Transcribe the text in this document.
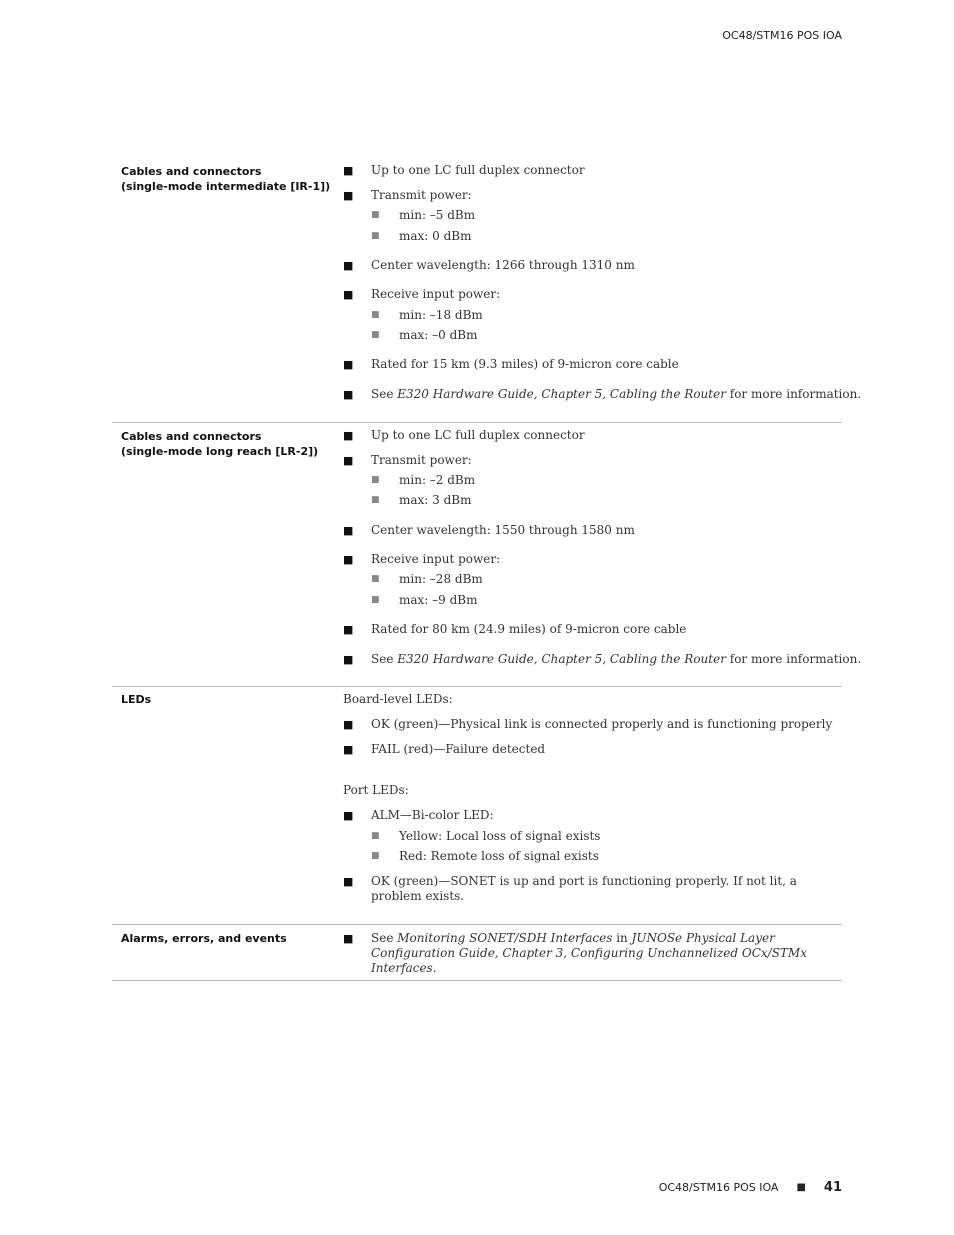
OC48/STM16 POS IOA
Cables and connectors
(single-mode intermediate [IR-1])
■
Up to one LC full duplex connector
■
Transmit power:
■
min: –5 dBm
■
max: 0 dBm
■
Center wavelength: 1266 through 1310 nm
■
Receive input power:
■
min: –18 dBm
■
max: –0 dBm
■
Rated for 15 km (9.3 miles) of 9-micron core cable
■
See E320 Hardware Guide, Chapter 5, Cabling the Router for more information.
Cables and connectors
(single-mode long reach [LR-2])
■
Up to one LC full duplex connector
■
Transmit power:
■
min: –2 dBm
■
max: 3 dBm
■
Center wavelength: 1550 through 1580 nm
■
Receive input power:
■
min: –28 dBm
■
max: –9 dBm
■
Rated for 80 km (24.9 miles) of 9-micron core cable
■
See E320 Hardware Guide, Chapter 5, Cabling the Router for more information.
LEDs	Board-level LEDs:
■
OK (green)—Physical link is connected properly and is functioning properly
■
FAIL (red)—Failure detected
Port LEDs:
■
ALM—Bi-color LED:
■
Yellow: Local loss of signal exists
■
Red: Remote loss of signal exists
■
OK (green)—SONET is up and port is functioning properly. If not lit, a problem exists.
Alarms, errors, and events
■	See Monitoring SONET/SDH Interfaces in JUNOSe Physical Layer Configuration Guide, Chapter 3, Configuring Unchannelized OCx/STMx Interfaces.
OC48/STM16 POS IOA ■ 41
